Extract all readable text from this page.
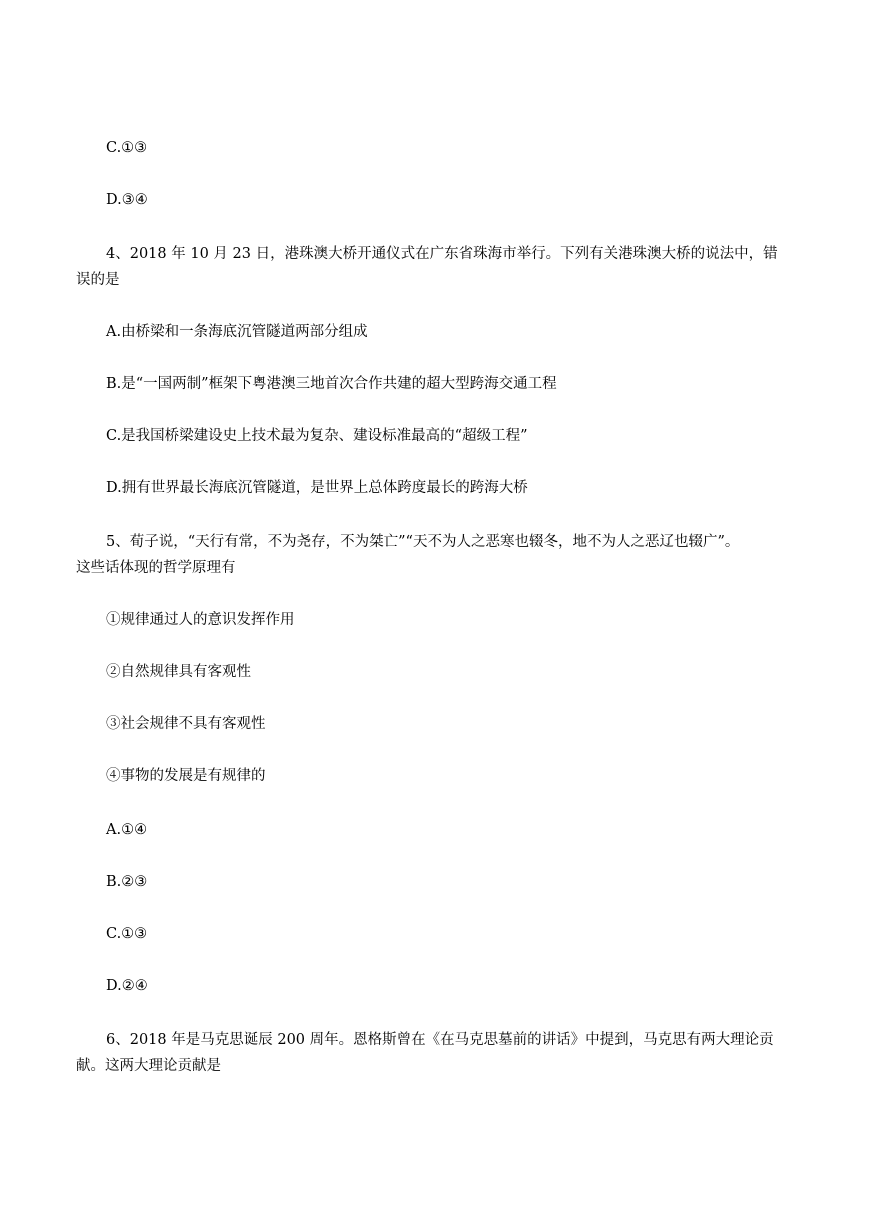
C.①③
D.③④
4、2018 年 10 月 23 日，港珠澳大桥开通仪式在广东省珠海市举行。下列有关港珠澳大桥的说法中，错
误的是
A.由桥梁和一条海底沉管隧道两部分组成
B.是“一国两制”框架下粤港澳三地首次合作共建的超大型跨海交通工程
C.是我国桥梁建设史上技术最为复杂、建设标准最高的“超级工程”
D.拥有世界最长海底沉管隧道，是世界上总体跨度最长的跨海大桥
5、荀子说，“天行有常，不为尧存，不为桀亡”“天不为人之恶寒也辍冬，地不为人之恶辽也辍广”。
这些话体现的哲学原理有
①规律通过人的意识发挥作用
②自然规律具有客观性
③社会规律不具有客观性
④事物的发展是有规律的
A.①④
B.②③
C.①③
D.②④
6、2018 年是马克思诞辰 200 周年。恩格斯曾在《在马克思墓前的讲话》中提到，马克思有两大理论贡
献。这两大理论贡献是
